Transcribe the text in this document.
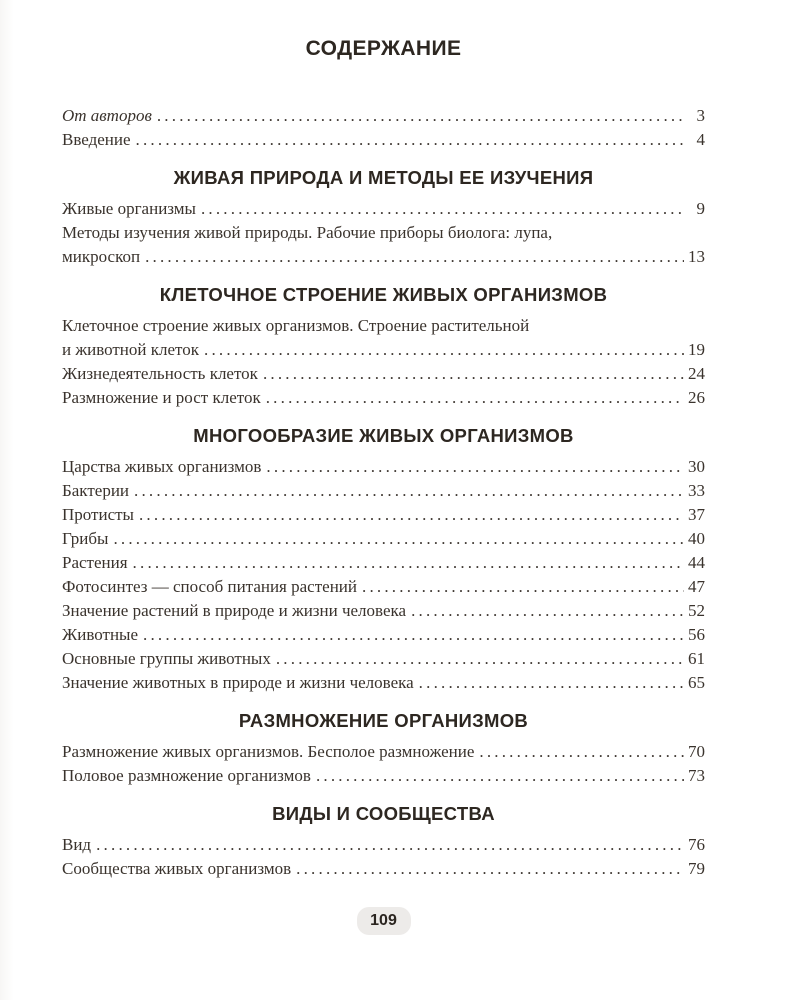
СОДЕРЖАНИЕ
От авторов .....	3
Введение .....	4
ЖИВАЯ ПРИРОДА И МЕТОДЫ ЕЕ ИЗУЧЕНИЯ
Живые организмы .....	9
Методы изучения живой природы. Рабочие приборы биолога: лупа,
микроскоп .....	13
КЛЕТОЧНОЕ СТРОЕНИЕ ЖИВЫХ ОРГАНИЗМОВ
Клеточное строение живых организмов. Строение растительной
и животной клеток .....	19
Жизнедеятельность клеток .....	24
Размножение и рост клеток .....	26
МНОГООБРАЗИЕ ЖИВЫХ ОРГАНИЗМОВ
Царства живых организмов .....	30
Бактерии .....	33
Протисты .....	37
Грибы .....	40
Растения .....	44
Фотосинтез — способ питания растений .....	47
Значение растений в природе и жизни человека .....	52
Животные .....	56
Основные группы животных .....	61
Значение животных в природе и жизни человека .....	65
РАЗМНОЖЕНИЕ ОРГАНИЗМОВ
Размножение живых организмов. Бесполое размножение .....	70
Половое размножение организмов .....	73
ВИДЫ И СООБЩЕСТВА
Вид .....	76
Сообщества живых организмов .....	79
109
